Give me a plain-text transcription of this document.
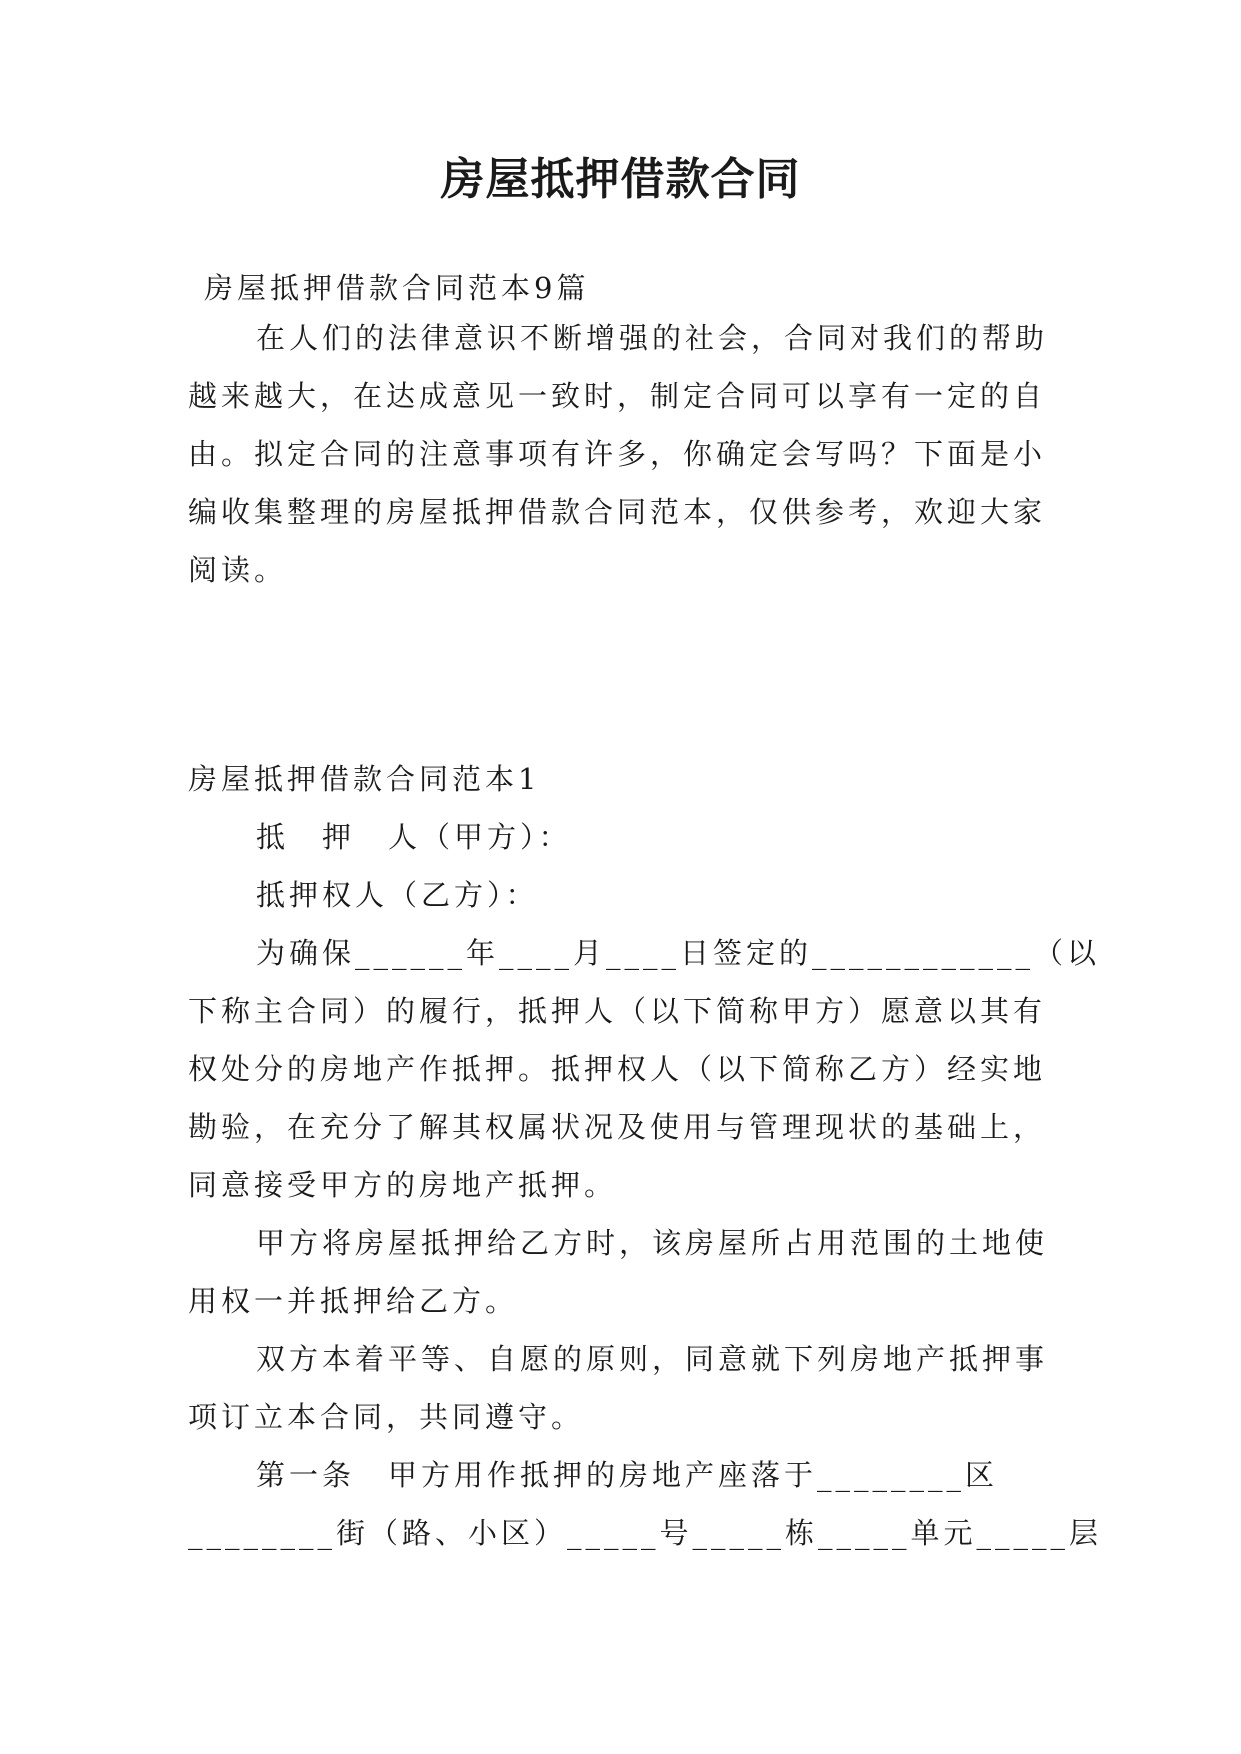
房屋抵押借款合同
房屋抵押借款合同范本9篇
在人们的法律意识不断增强的社会，合同对我们的帮助
越来越大，在达成意见一致时，制定合同可以享有一定的自
由。拟定合同的注意事项有许多，你确定会写吗？下面是小
编收集整理的房屋抵押借款合同范本，仅供参考，欢迎大家
阅读。
房屋抵押借款合同范本1
抵　押　人（甲方）：
抵押权人（乙方）：
为确保______年____月____日签定的____________（以
下称主合同）的履行，抵押人（以下简称甲方）愿意以其有
权处分的房地产作抵押。抵押权人（以下简称乙方）经实地
勘验，在充分了解其权属状况及使用与管理现状的基础上，
同意接受甲方的房地产抵押。
甲方将房屋抵押给乙方时，该房屋所占用范围的土地使
用权一并抵押给乙方。
双方本着平等、自愿的原则，同意就下列房地产抵押事
项订立本合同，共同遵守。
第一条　甲方用作抵押的房地产座落于________区
________街（路、小区）_____号_____栋_____单元_____层
